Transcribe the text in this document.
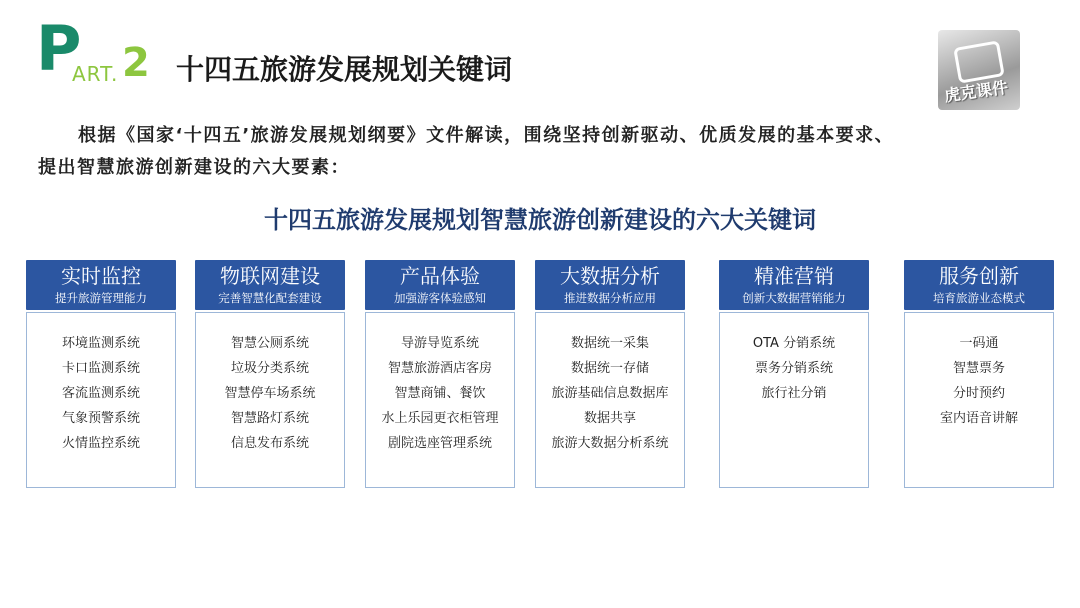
P
ART. 2 十四五旅游发展规划关键词
虎克课件
根据《国家‘十四五’旅游发展规划纲要》文件解读，围绕坚持创新驱动、优质发展的基本要求、
提出智慧旅游创新建设的六大要素：
十四五旅游发展规划智慧旅游创新建设的六大关键词
实时监控
提升旅游管理能力
环境监测系统
卡口监测系统
客流监测系统
气象预警系统
火情监控系统
物联网建设
完善智慧化配套建设
智慧公厕系统
垃圾分类系统
智慧停车场系统
智慧路灯系统
信息发布系统
产品体验
加强游客体验感知
导游导览系统
智慧旅游酒店客房
智慧商铺、餐饮
水上乐园更衣柜管理
剧院选座管理系统
大数据分析
推进数据分析应用
数据统一采集
数据统一存储
旅游基础信息数据库
数据共享
旅游大数据分析系统
精准营销
创新大数据营销能力
OTA 分销系统
票务分销系统
旅行社分销
服务创新
培育旅游业态模式
一码通
智慧票务
分时预约
室内语音讲解
